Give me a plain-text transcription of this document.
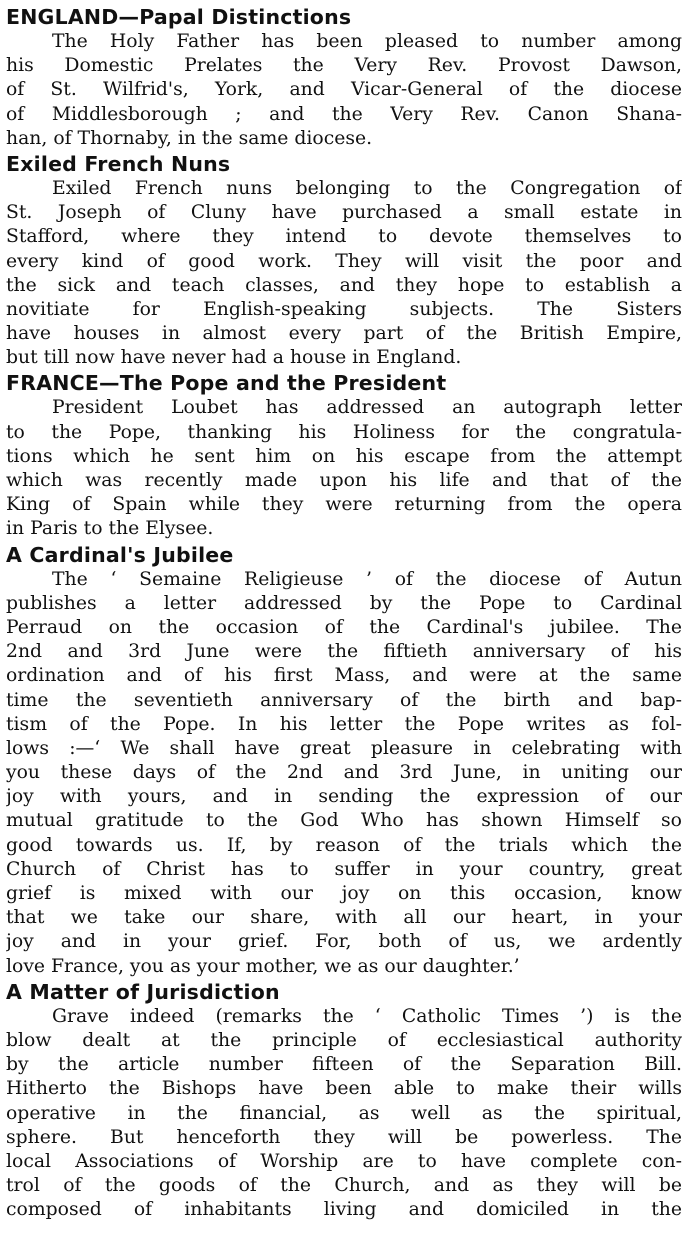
ENGLAND—Papal Distinctions
The Holy Father has been pleased to number among
his Domestic Prelates the Very Rev. Provost Dawson,
of St. Wilfrid's, York, and Vicar-General of the diocese
of Middlesborough ; and the Very Rev. Canon Shana-
han, of Thornaby, in the same diocese.
Exiled French Nuns
Exiled French nuns belonging to the Congregation of
St. Joseph of Cluny have purchased a small estate in
Stafford, where they intend to devote themselves to
every kind of good work. They will visit the poor and
the sick and teach classes, and they hope to establish a
novitiate for English-speaking subjects. The Sisters
have houses in almost every part of the British Empire,
but till now have never had a house in England.
FRANCE—The Pope and the President
President Loubet has addressed an autograph letter
to the Pope, thanking his Holiness for the congratula-
tions which he sent him on his escape from the attempt
which was recently made upon his life and that of the
King of Spain while they were returning from the opera
in Paris to the Elysee.
A Cardinal's Jubilee
The ‘ Semaine Religieuse ’ of the diocese of Autun
publishes a letter addressed by the Pope to Cardinal
Perraud on the occasion of the Cardinal's jubilee. The
2nd and 3rd June were the fiftieth anniversary of his
ordination and of his first Mass, and were at the same
time the seventieth anniversary of the birth and bap-
tism of the Pope. In his letter the Pope writes as fol-
lows :—‘ We shall have great pleasure in celebrating with
you these days of the 2nd and 3rd June, in uniting our
joy with yours, and in sending the expression of our
mutual gratitude to the God Who has shown Himself so
good towards us. If, by reason of the trials which the
Church of Christ has to suffer in your country, great
grief is mixed with our joy on this occasion, know
that we take our share, with all our heart, in your
joy and in your grief. For, both of us, we ardently
love France, you as your mother, we as our daughter.’
A Matter of Jurisdiction
Grave indeed (remarks the ‘ Catholic Times ’) is the
blow dealt at the principle of ecclesiastical authority
by the article number fifteen of the Separation Bill.
Hitherto the Bishops have been able to make their wills
operative in the financial, as well as the spiritual,
sphere. But henceforth they will be powerless. The
local Associations of Worship are to have complete con-
trol of the goods of the Church, and as they will be
composed of inhabitants living and domiciled in the
